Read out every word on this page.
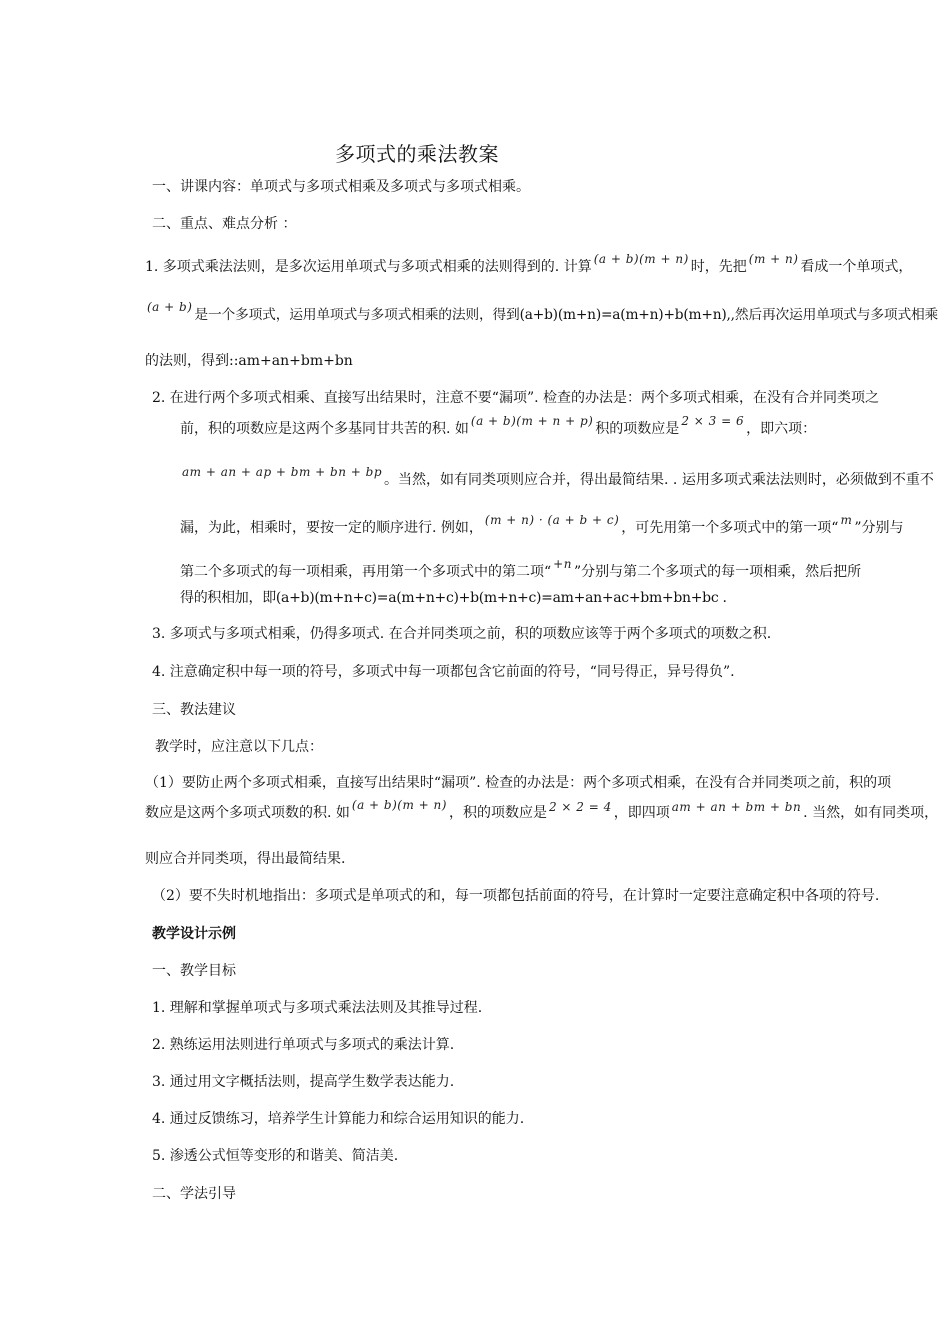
多项式的乘法教案
一、讲课内容：单项式与多项式相乘及多项式与多项式相乘。
二、重点、难点分析 ：
1. 多项式乘法法则，是多次运用单项式与多项式相乘的法则得到的. 计算 (a + b)(m + n) 时，先把 (m + n) 看成一个单项式，
(a + b) 是一个多项式，运用单项式与多项式相乘的法则，得到(a+b)(m+n)=a(m+n)+b(m+n),,然后再次运用单项式与多项式相乘
的法则，得到::am+an+bm+bn
2. 在进行两个多项式相乘、直接写出结果时，注意不要“漏项”. 检查的办法是：两个多项式相乘，在没有合并同类项之
前，积的项数应是这两个多基同甘共苦的积. 如 (a + b)(m + n + p) 积的项数应是 2 × 3 = 6 ，即六项：
am + an + ap + bm + bn + bp 。当然，如有同类项则应合并，得出最简结果. . 运用多项式乘法法则时，必须做到不重不
漏，为此，相乘时，要按一定的顺序进行. 例如， (m + n) · (a + b + c) ，可先用第一个多项式中的第一项“ m ”分别与
第二个多项式的每一项相乘，再用第一个多项式中的第二项“ +n ”分别与第二个多项式的每一项相乘，然后把所
得的积相加，即(a+b)(m+n+c)=a(m+n+c)+b(m+n+c)=am+an+ac+bm+bn+bc .
3. 多项式与多项式相乘，仍得多项式. 在合并同类项之前，积的项数应该等于两个多项式的项数之积.
4. 注意确定积中每一项的符号，多项式中每一项都包含它前面的符号，“同号得正，异号得负”.
三、教法建议
教学时，应注意以下几点：
（1）要防止两个多项式相乘，直接写出结果时“漏项”. 检查的办法是：两个多项式相乘，在没有合并同类项之前，积的项
数应是这两个多项式项数的积. 如 (a + b)(m + n) ，积的项数应是 2 × 2 = 4 ，即四项 am + an + bm + bn . 当然，如有同类项，
则应合并同类项，得出最简结果.
（2）要不失时机地指出：多项式是单项式的和，每一项都包括前面的符号，在计算时一定要注意确定积中各项的符号.
教学设计示例
一、教学目标
1. 理解和掌握单项式与多项式乘法法则及其推导过程.
2. 熟练运用法则进行单项式与多项式的乘法计算.
3. 通过用文字概括法则，提高学生数学表达能力.
4. 通过反馈练习，培养学生计算能力和综合运用知识的能力.
5. 渗透公式恒等变形的和谐美、简洁美.
二、学法引导
